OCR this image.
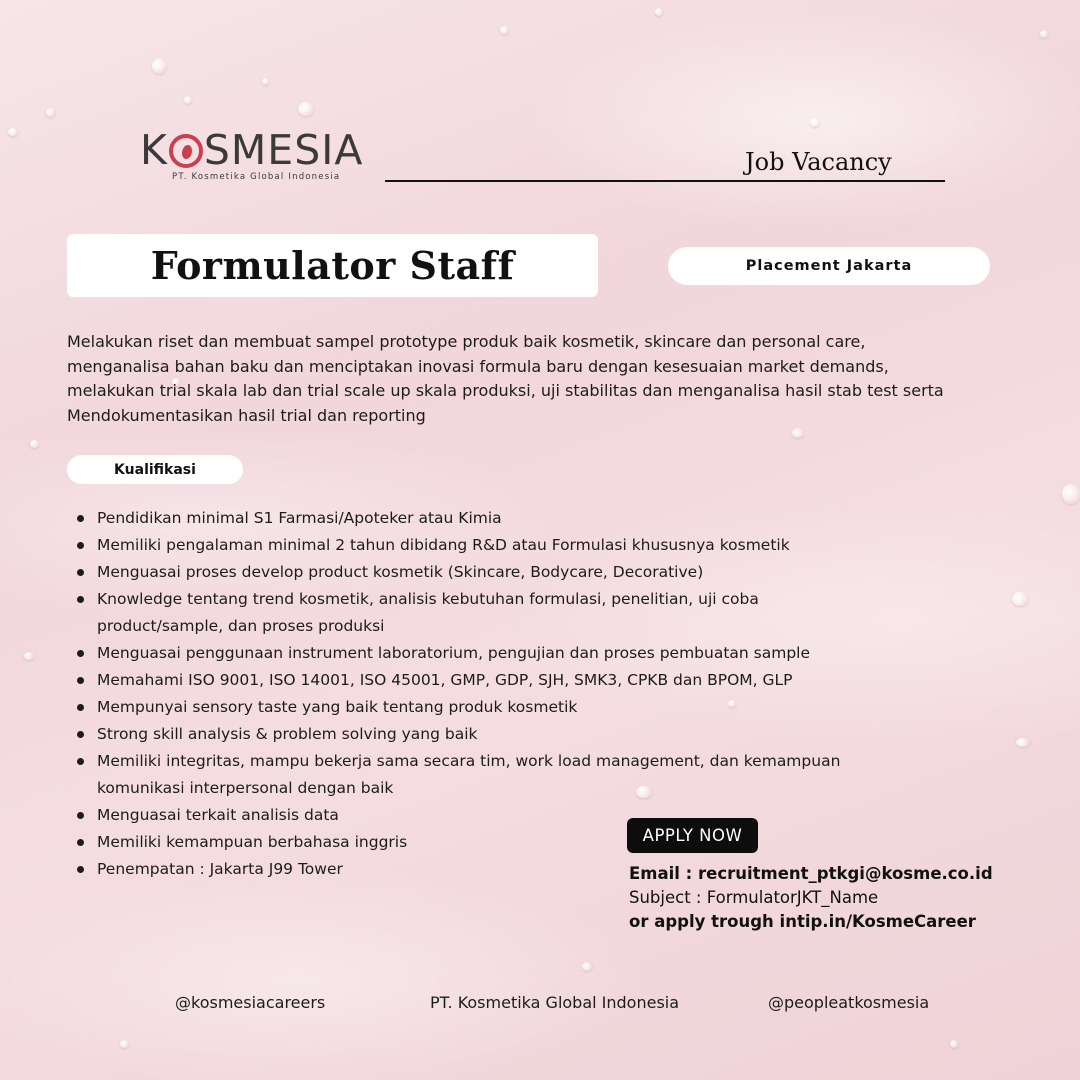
K SMESIA
PT. Kosmetika Global Indonesia
Job Vacancy
Formulator Staff	Placement Jakarta
Melakukan riset dan membuat sampel prototype produk baik kosmetik, skincare dan personal care,
menganalisa bahan baku dan menciptakan inovasi formula baru dengan kesesuaian market demands,
melakukan trial skala lab dan trial scale up skala produksi, uji stabilitas dan menganalisa hasil stab test serta
Mendokumentasikan hasil trial dan reporting
Kualifikasi
Pendidikan minimal S1 Farmasi/Apoteker atau Kimia
Memiliki pengalaman minimal 2 tahun dibidang R&D atau Formulasi khususnya kosmetik
Menguasai proses develop product kosmetik (Skincare, Bodycare, Decorative)
Knowledge tentang trend kosmetik, analisis kebutuhan formulasi, penelitian, uji coba
product/sample, dan proses produksi
Menguasai penggunaan instrument laboratorium, pengujian dan proses pembuatan sample
Memahami ISO 9001, ISO 14001, ISO 45001, GMP, GDP, SJH, SMK3, CPKB dan BPOM, GLP
Mempunyai sensory taste yang baik tentang produk kosmetik
Strong skill analysis & problem solving yang baik
Memiliki integritas, mampu bekerja sama secara tim, work load management, dan kemampuan
komunikasi interpersonal dengan baik
Menguasai terkait analisis data
Memiliki kemampuan berbahasa inggris
Penempatan : Jakarta J99 Tower
APPLY NOW
Email : recruitment_ptkgi@kosme.co.id
Subject : FormulatorJKT_Name
or apply trough intip.in/KosmeCareer
@kosmesiacareers	PT. Kosmetika Global Indonesia	@peopleatkosmesia
